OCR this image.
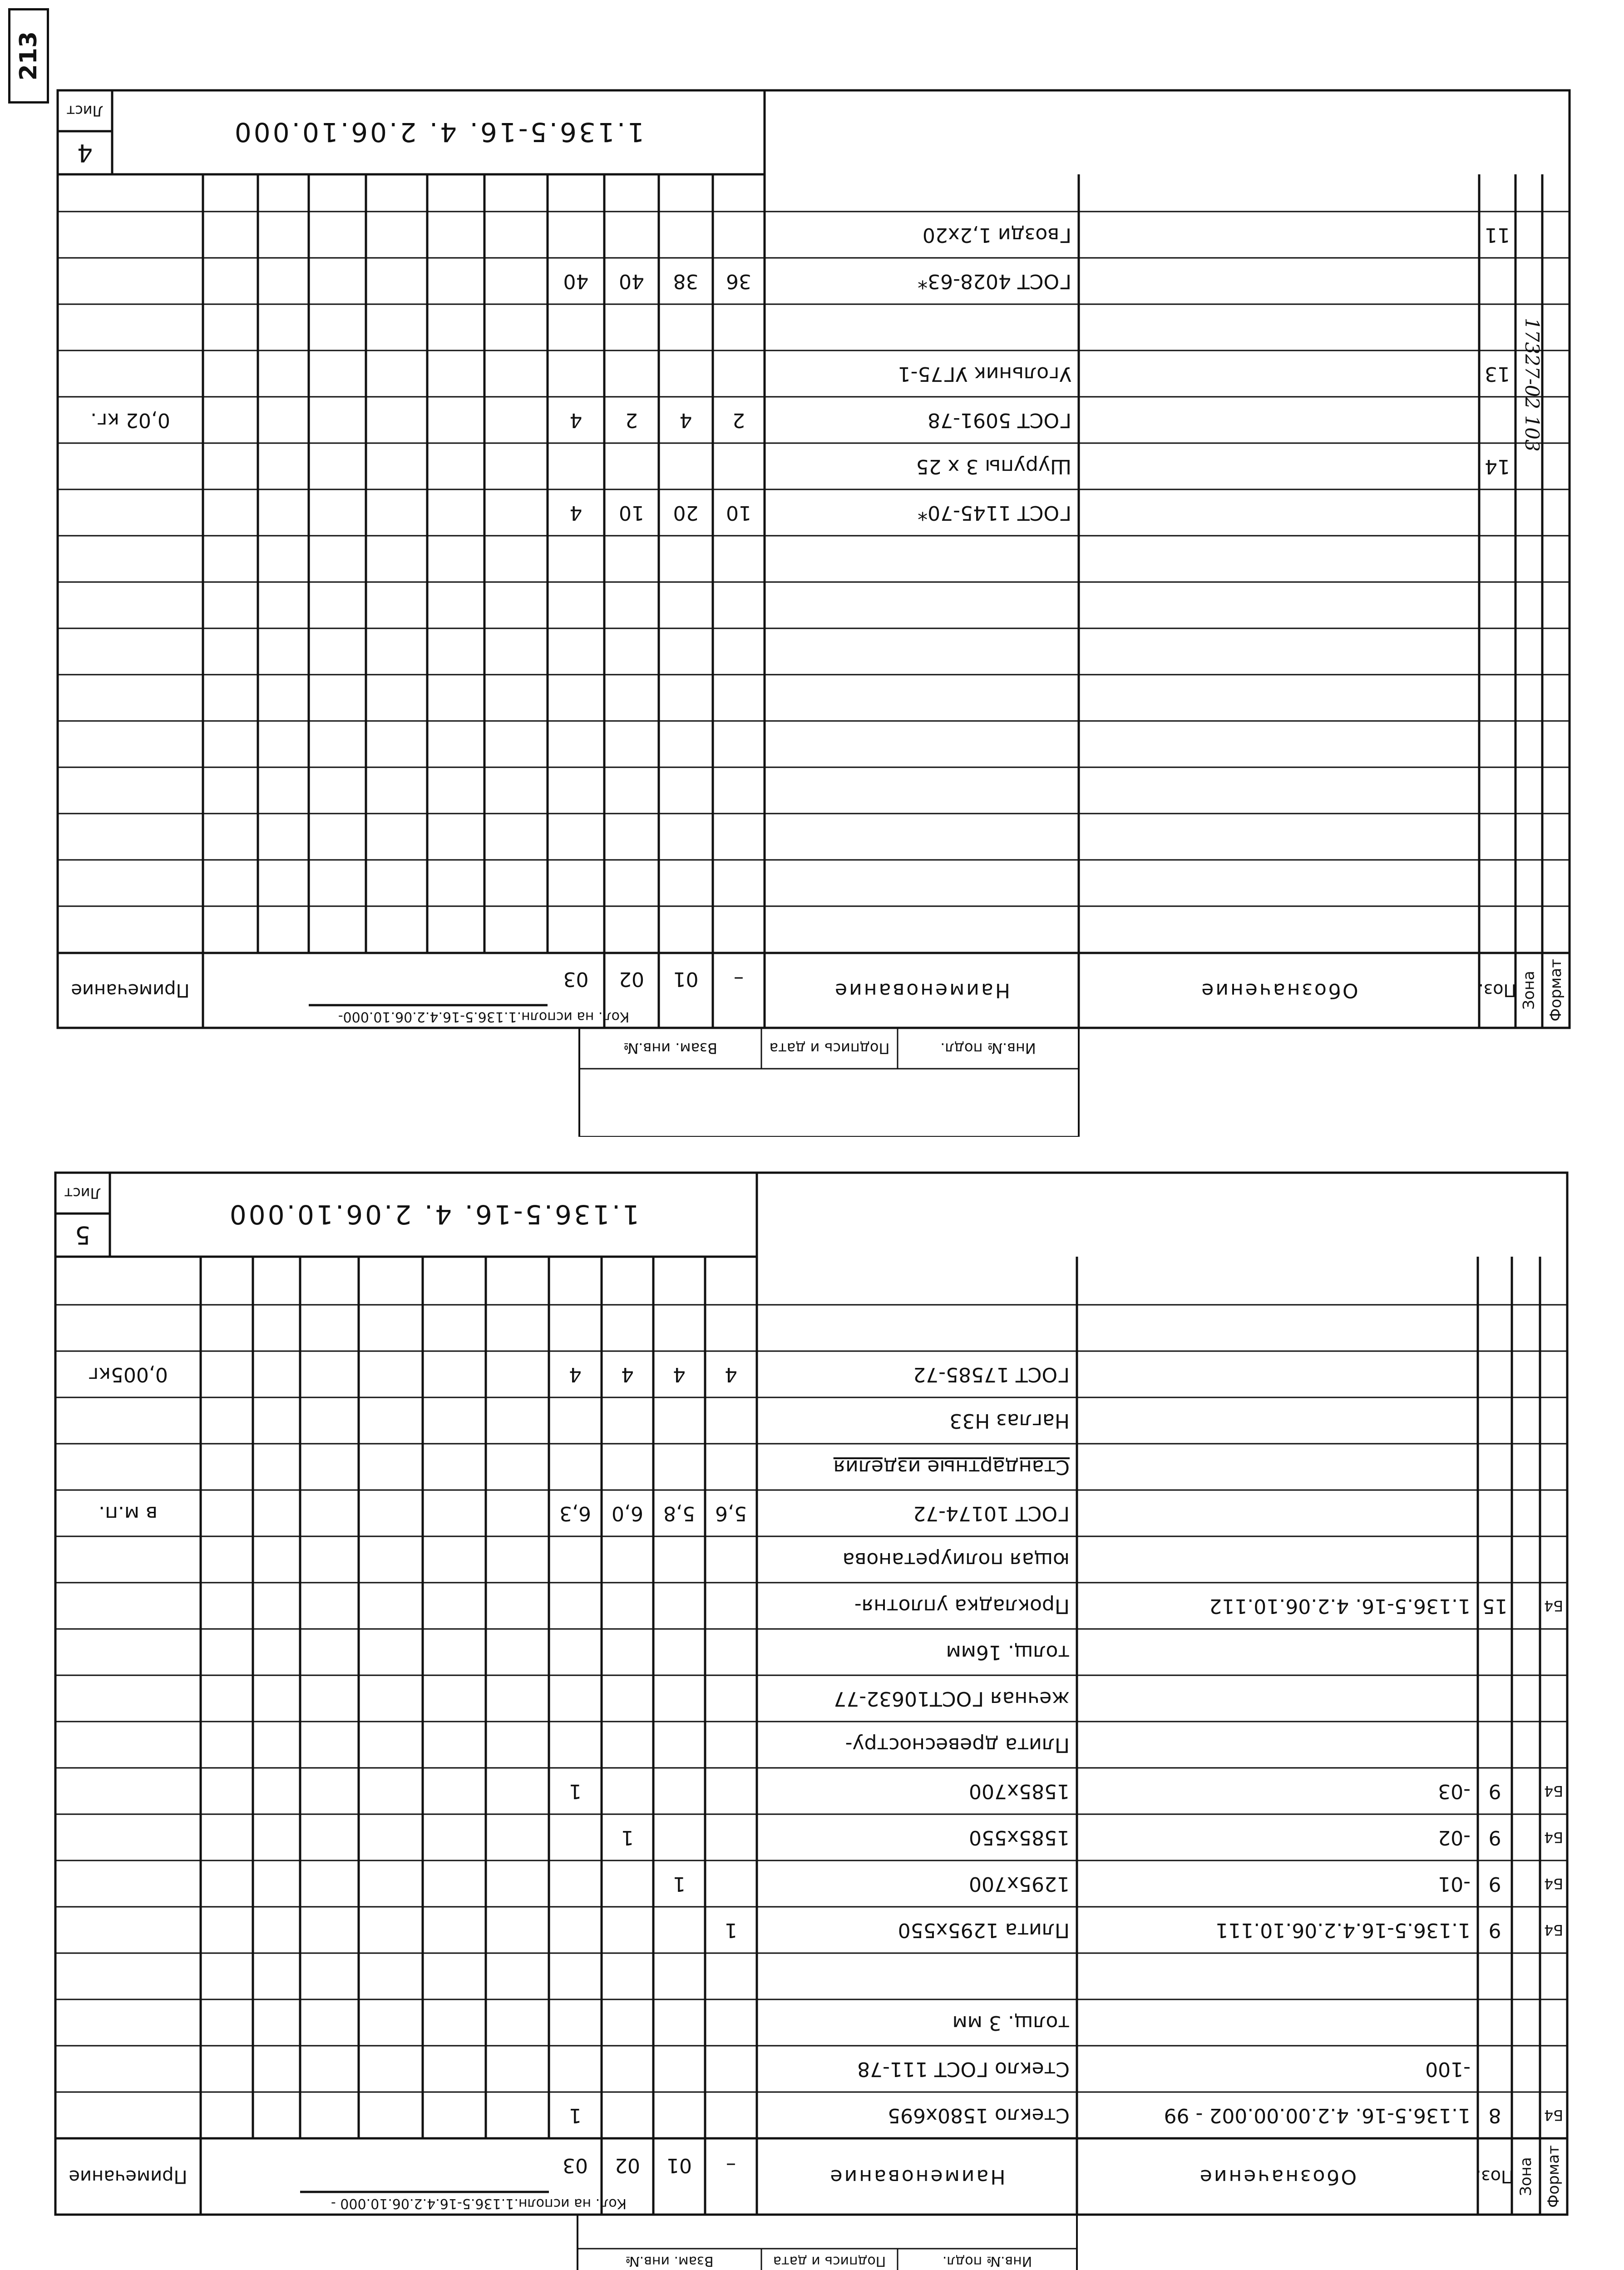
Формат
Зона
Поз.
Обозначение
Наименование
Кол. на исполн.1.136.5-16.4.2.06.10.000-
–
01
02
03
Примечание
Инв.№ подл.
Подпись и дата
Взам. инв.№
11
Гвозди 1,2х20
ГОСТ 4028-63*
36
38
40
40
13
Угольник УГ75-1
ГОСТ 5091-78
2
4
2
4
0,02 кг.
14
Шурупы 3 х 25
ГОСТ 1145-70*
10
20
10
4
1.136.5-16. 4. 2.06.10.000
Лист
4
213
17327-02 103
Формат
Зона
Поз.
Обозначение
Наименование
Кол. на исполн.1.136.5-16.4.2.06.10.000 -
–
01
02
03
Примечание
Инв.№ подл.
Подпись и дата
Взам. инв.№
Б4
8
1.136.5-16. 4.2.00.00.002 - 99
Стекло 1580х695
1
-100
Стекло ГОСТ 111-78
толщ. 3 мм
Б4
9
1.136.5-16.4.2.06.10.111
Плита 1295х550
1
Б4
9
-01
1295х700
1
Б4
9
-02
1585х550
1
Б4
9
-03
1585х700
1
Плита древесностру-
жечная ГОСТ10632-77
толщ. 16мм
Б4
15
1.136.5-16. 4.2.06.10.112
Прокладка уплотня-
ющая полиуретанова
ГОСТ 10174-72
5,6
5,8
6,0
6,3
в м.п.
Стандартные изделия
Наглаз Н33
ГОСТ 17585-72
4
4
4
4
0,005кг
1.136.5-16. 4. 2.06.10.000
Лист
5
